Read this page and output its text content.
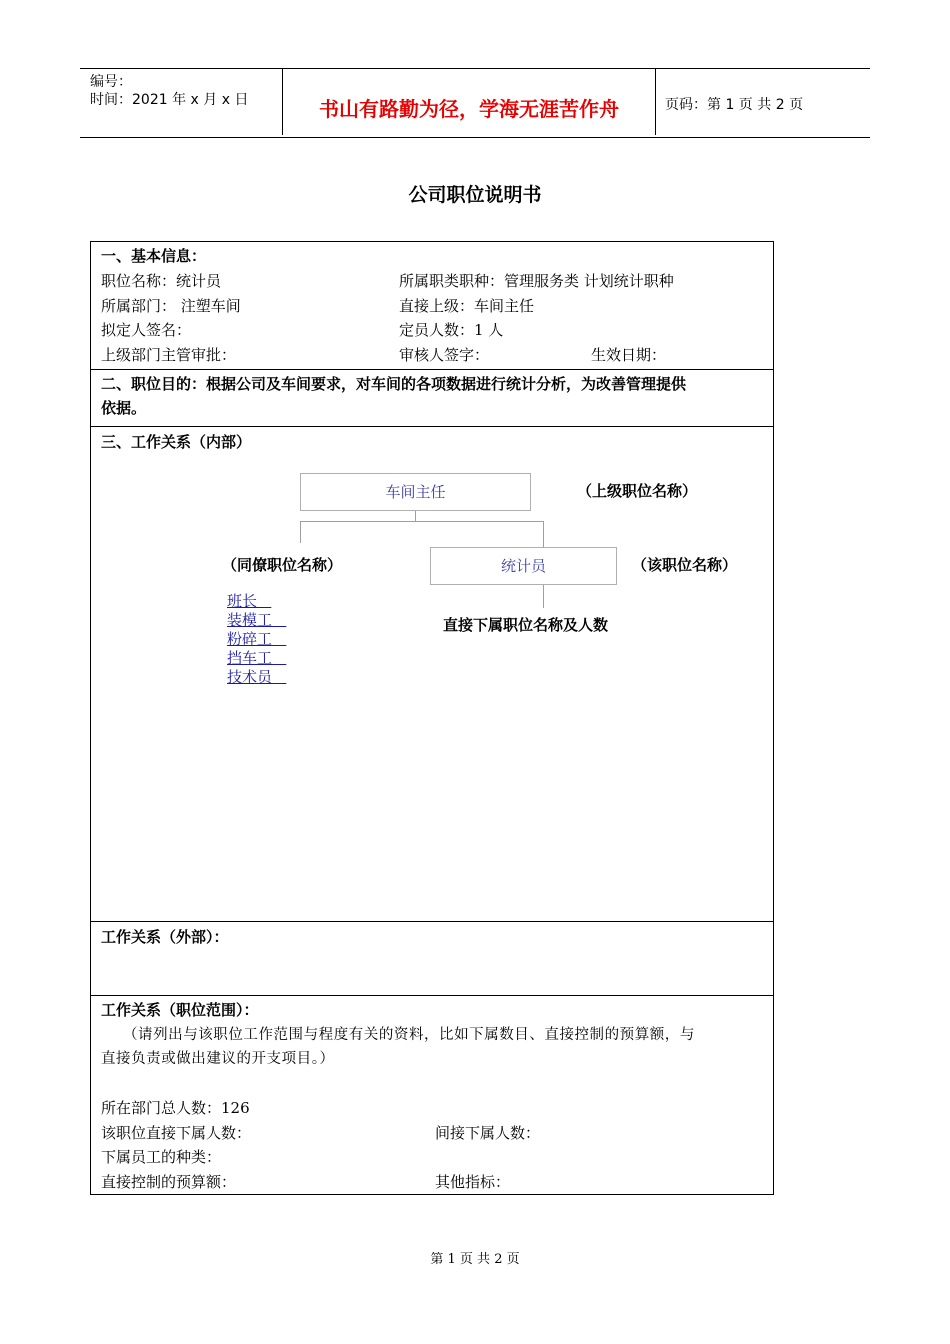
编号：
时间：2021 年 x 月 x 日	书山有路勤为径，学海无涯苦作舟	页码：第 1 页 共 2 页
公司职位说明书
一、基本信息：
职位名称：统计员	所属职类职种：管理服务类 计划统计职种
所属部门： 注塑车间	直接上级：车间主任
拟定人签名：	定员人数：1 人
上级部门主管审批：	审核人签字：	生效日期：
二、职位目的：根据公司及车间要求，对车间的各项数据进行统计分析，为改善管理提供
依据。
三、工作关系（内部）
车间主任	（上级职位名称）
统计员
（同僚职位名称）	（该职位名称）
直接下属职位名称及人数
班长
装模工
粉碎工
挡车工
技术员
工作关系（外部）：
工作关系（职位范围）：
（请列出与该职位工作范围与程度有关的资料，比如下属数目、直接控制的预算额，与
直接负责或做出建议的开支项目。）
所在部门总人数：126
该职位直接下属人数：	间接下属人数：
下属员工的种类：
直接控制的预算额：	其他指标：
第 1 页 共 2 页
